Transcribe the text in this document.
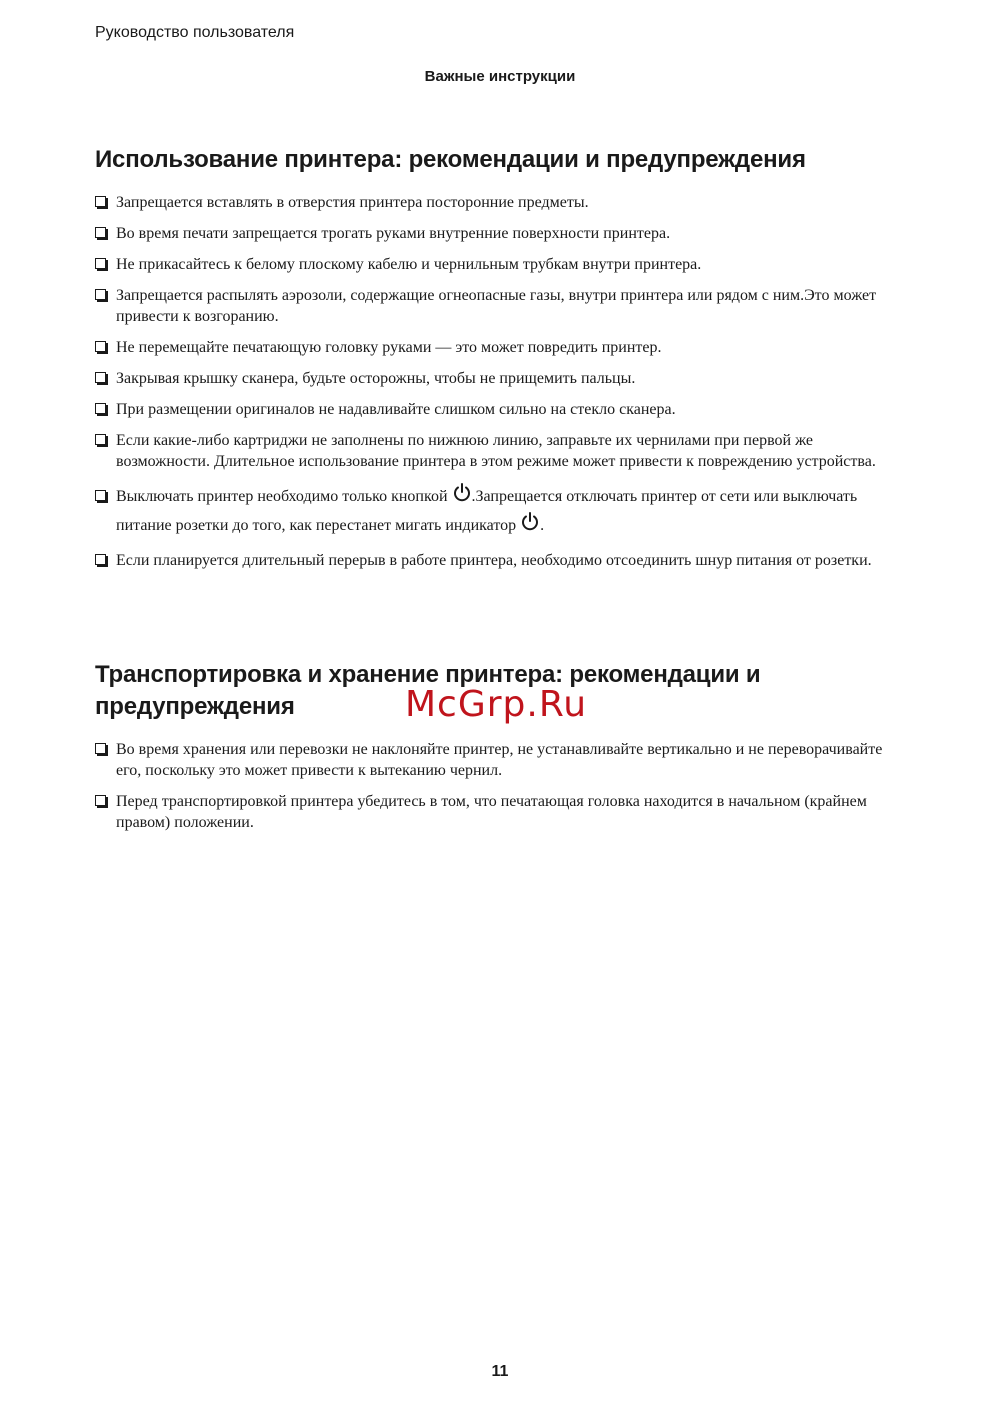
Руководство пользователя
Важные инструкции
Использование принтера: рекомендации и предупреждения
Запрещается вставлять в отверстия принтера посторонние предметы.
Во время печати запрещается трогать руками внутренние поверхности принтера.
Не прикасайтесь к белому плоскому кабелю и чернильным трубкам внутри принтера.
Запрещается распылять аэрозоли, содержащие огнеопасные газы, внутри принтера или рядом с ним.Это может привести к возгоранию.
Не перемещайте печатающую головку руками — это может повредить принтер.
Закрывая крышку сканера, будьте осторожны, чтобы не прищемить пальцы.
При размещении оригиналов не надавливайте слишком сильно на стекло сканера.
Если какие-либо картриджи не заполнены по нижнюю линию, заправьте их чернилами при первой же возможности. Длительное использование принтера в этом режиме может привести к повреждению устройства.
Выключать принтер необходимо только кнопкой
.Запрещается отключать принтер от сети или выключать питание розетки до того, как перестанет мигать индикатор
.
Если планируется длительный перерыв в работе принтера, необходимо отсоединить шнур питания от розетки.
Транспортировка и хранение принтера: рекомендации и
предупреждения	McGrp.Ru
Во время хранения или перевозки не наклоняйте принтер, не устанавливайте вертикально и не переворачивайте его, поскольку это может привести к вытеканию чернил.
Перед транспортировкой принтера убедитесь в том, что печатающая головка находится в начальном (крайнем правом) положении.
11
